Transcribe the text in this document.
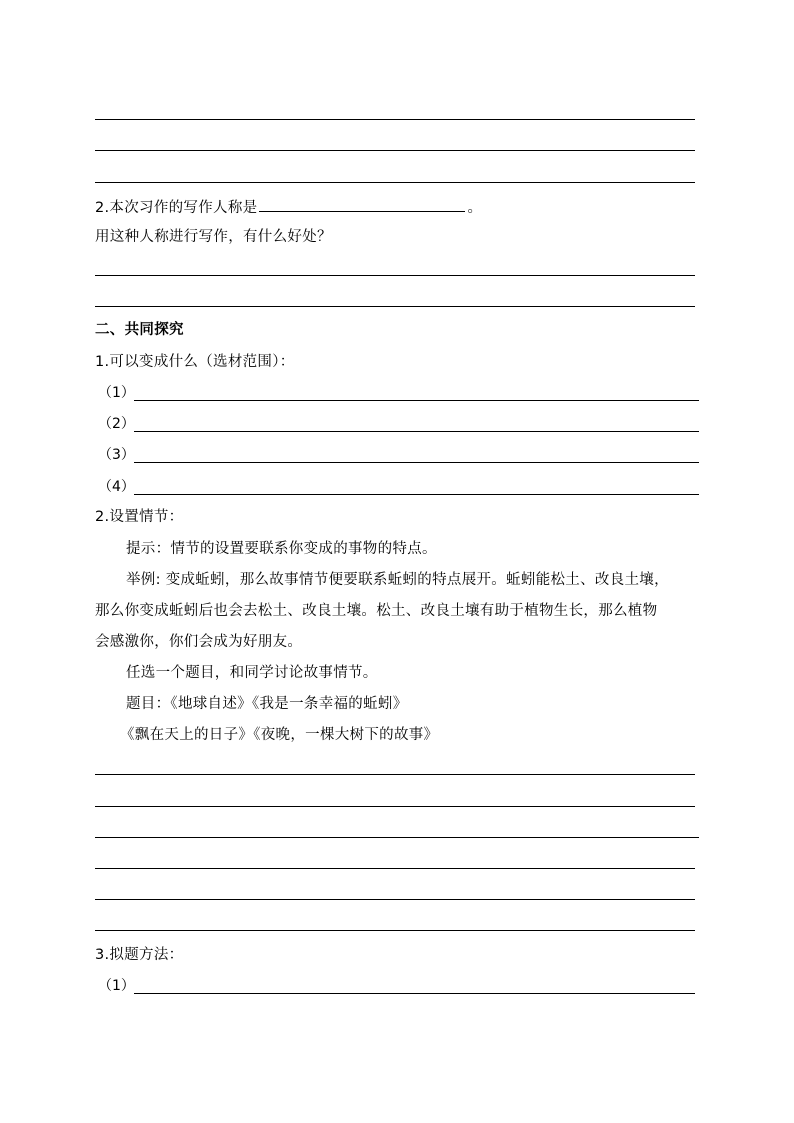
2.本次习作的写作人称是	。
用这种人称进行写作，有什么好处？
二、共同探究
1.可以变成什么（选材范围）：
（1）
（2）
（3）
（4）
2.设置情节：
提示：情节的设置要联系你变成的事物的特点。
举例: 变成蚯蚓，那么故事情节便要联系蚯蚓的特点展开。蚯蚓能松土、改良土壤，
那么你变成蚯蚓后也会去松土、改良土壤。松土、改良土壤有助于植物生长，那么植物
会感激你，你们会成为好朋友。
任选一个题目，和同学讨论故事情节。
题目：《地球自述》《我是一条幸福的蚯蚓》
《飘在天上的日子》《夜晚，一棵大树下的故事》
3.拟题方法：
（1）
